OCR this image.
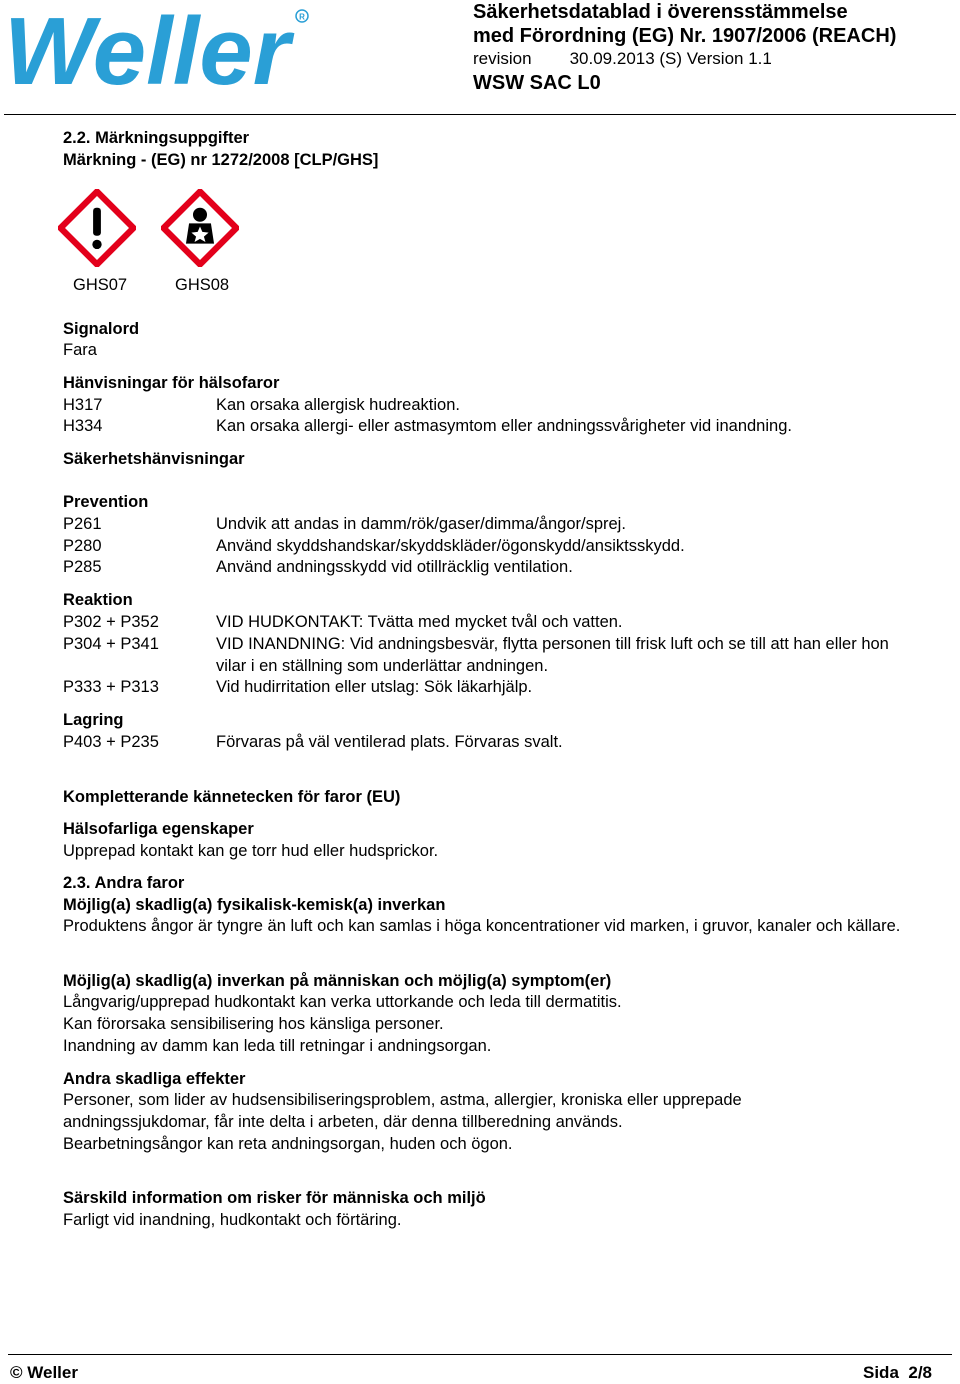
Weller R	Säkerhetsdatablad i överensstämmelse
med Förordning (EG) Nr. 1907/2006 (REACH)
revision 30.09.2013 (S) Version 1.1
WSW SAC L0
2.2. Märkningsuppgifter
Märkning - (EG) nr 1272/2008 [CLP/GHS]
GHS07	GHS08
Signalord
Fara
Hänvisningar för hälsofaror
H317	Kan orsaka allergisk hudreaktion.
H334	Kan orsaka allergi- eller astmasymtom eller andningssvårigheter vid inandning.
Säkerhetshänvisningar
Prevention
P261	Undvik att andas in damm/rök/gaser/dimma/ångor/sprej.
P280	Använd skyddshandskar/skyddskläder/ögonskydd/ansiktsskydd.
P285	Använd andningsskydd vid otillräcklig ventilation.
Reaktion
P302 + P352	VID HUDKONTAKT: Tvätta med mycket tvål och vatten.
P304 + P341	VID INANDNING: Vid andningsbesvär, flytta personen till frisk luft och se till att han eller hon vilar i en ställning som underlättar andningen.
P333 + P313	Vid hudirritation eller utslag: Sök läkarhjälp.
Lagring
P403 + P235	Förvaras på väl ventilerad plats. Förvaras svalt.
Kompletterande kännetecken för faror (EU)
Hälsofarliga egenskaper
Upprepad kontakt kan ge torr hud eller hudsprickor.
2.3. Andra faror
Möjlig(a) skadlig(a) fysikalisk-kemisk(a) inverkan
Produktens ångor är tyngre än luft och kan samlas i höga koncentrationer vid marken, i gruvor, kanaler och källare.
Möjlig(a) skadlig(a) inverkan på människan och möjlig(a) symptom(er)
Långvarig/upprepad hudkontakt kan verka uttorkande och leda till dermatitis.
Kan förorsaka sensibilisering hos känsliga personer.
Inandning av damm kan leda till retningar i andningsorgan.
Andra skadliga effekter
Personer, som lider av hudsensibiliseringsproblem, astma, allergier, kroniska eller upprepade andningssjukdomar, får inte delta i arbeten, där denna tillberedning används.
Bearbetningsångor kan reta andningsorgan, huden och ögon.
Särskild information om risker för människa och miljö
Farligt vid inandning, hudkontakt och förtäring.
© Weller	Sida 2/8
